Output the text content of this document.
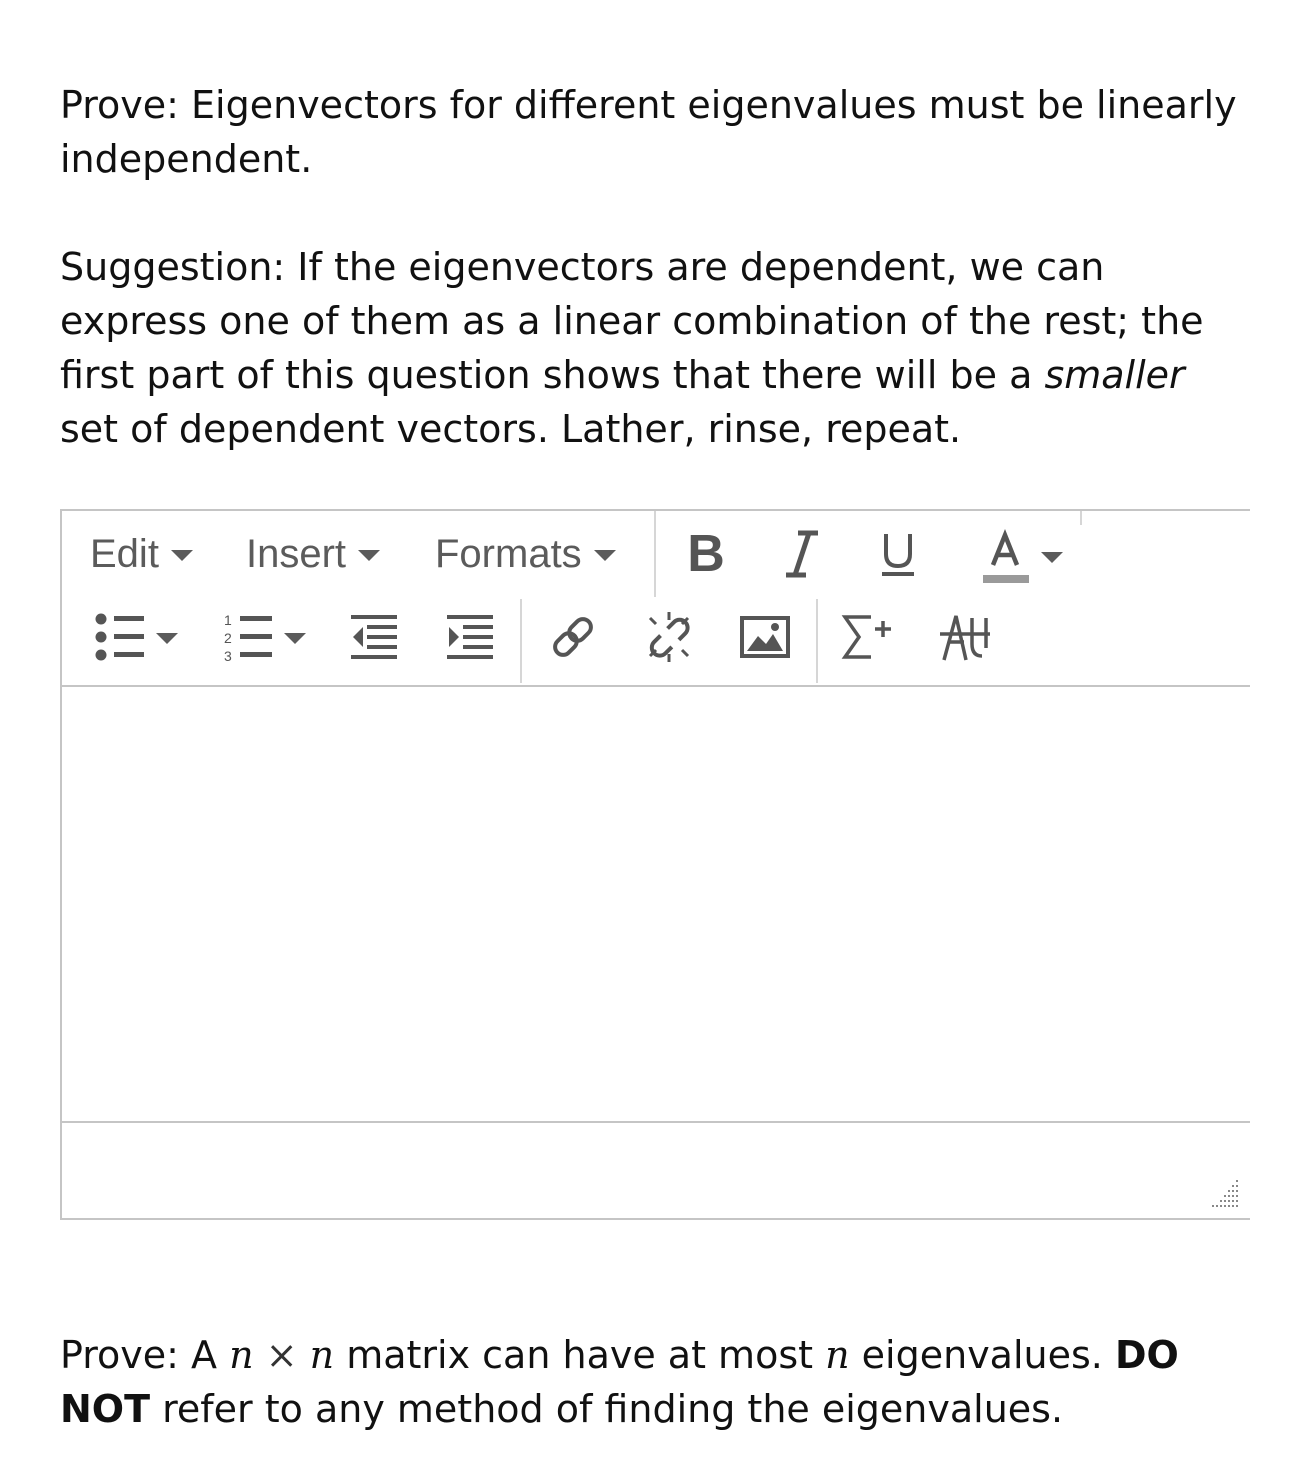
Prove: Eigenvectors for different eigenvalues must be linearly independent.

Suggestion: If the eigenvectors are dependent, we can express one of them as a linear combination of the rest; the first part of this question shows that there will be a smaller set of dependent vectors. Lather, rinse, repeat.

Edit Insert Formats B
1
2
3

Prove: A n × n matrix can have at most n eigenvalues. DO NOT refer to any method of finding the eigenvalues.
